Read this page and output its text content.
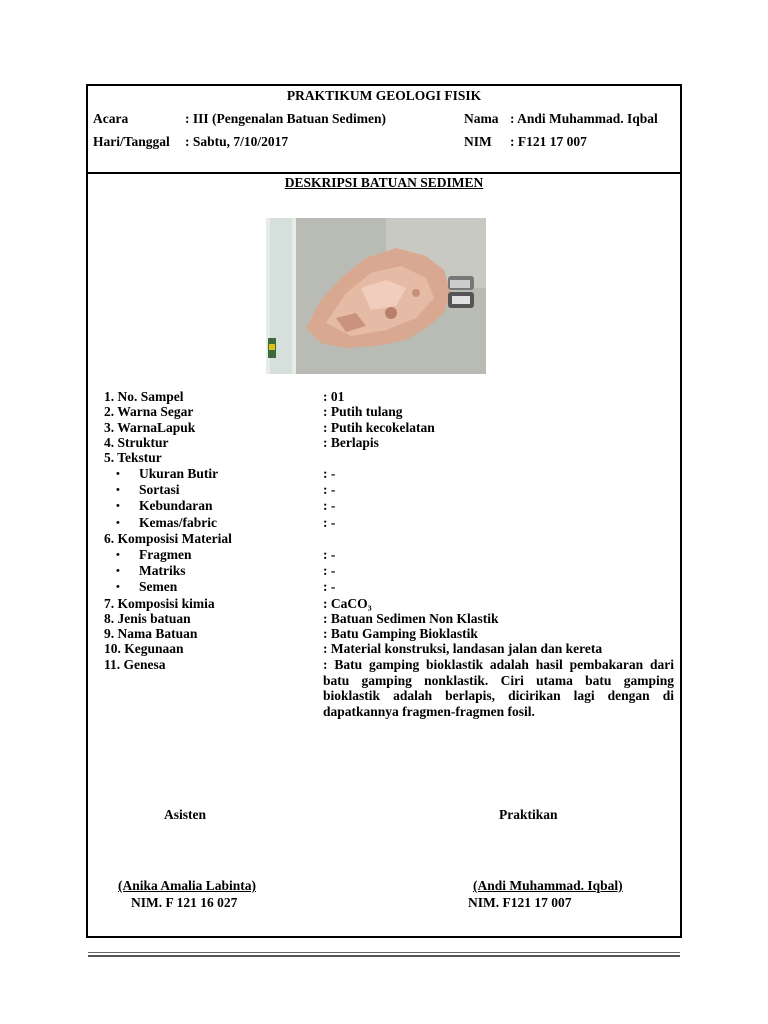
PRAKTIKUM GEOLOGI FISIK
Acara	: III (Pengenalan Batuan Sedimen)	Nama : Andi Muhammad. Iqbal
Hari/Tanggal : Sabtu, 7/10/2017	NIM : F121 17 007
DESKRIPSI BATUAN SEDIMEN
1. No. Sampel	: 01
2. Warna Segar	: Putih tulang
3. WarnaLapuk	: Putih kecokelatan
4. Struktur	: Berlapis
5. Tekstur
• Ukuran Butir	: -
• Sortasi	: -
• Kebundaran	: -
• Kemas/fabric	: -
6. Komposisi Material
• Fragmen	: -
• Matriks	: -
• Semen	: -
7. Komposisi kimia	: CaCO₃
8. Jenis batuan	: Batuan Sedimen Non Klastik
9. Nama Batuan	: Batu Gamping Bioklastik
10. Kegunaan	: Material konstruksi, landasan jalan dan kereta
11. Genesa	: Batu gamping bioklastik adalah hasil pembakaran dari batu gamping nonklastik. Ciri utama batu gamping bioklastik adalah berlapis, dicirikan lagi dengan di dapatkannya fragmen-fragmen fosil.
Asisten	Praktikan
(Anika Amalia Labinta)	(Andi Muhammad. Iqbal)
NIM. F 121 16 027	NIM. F121 17 007
